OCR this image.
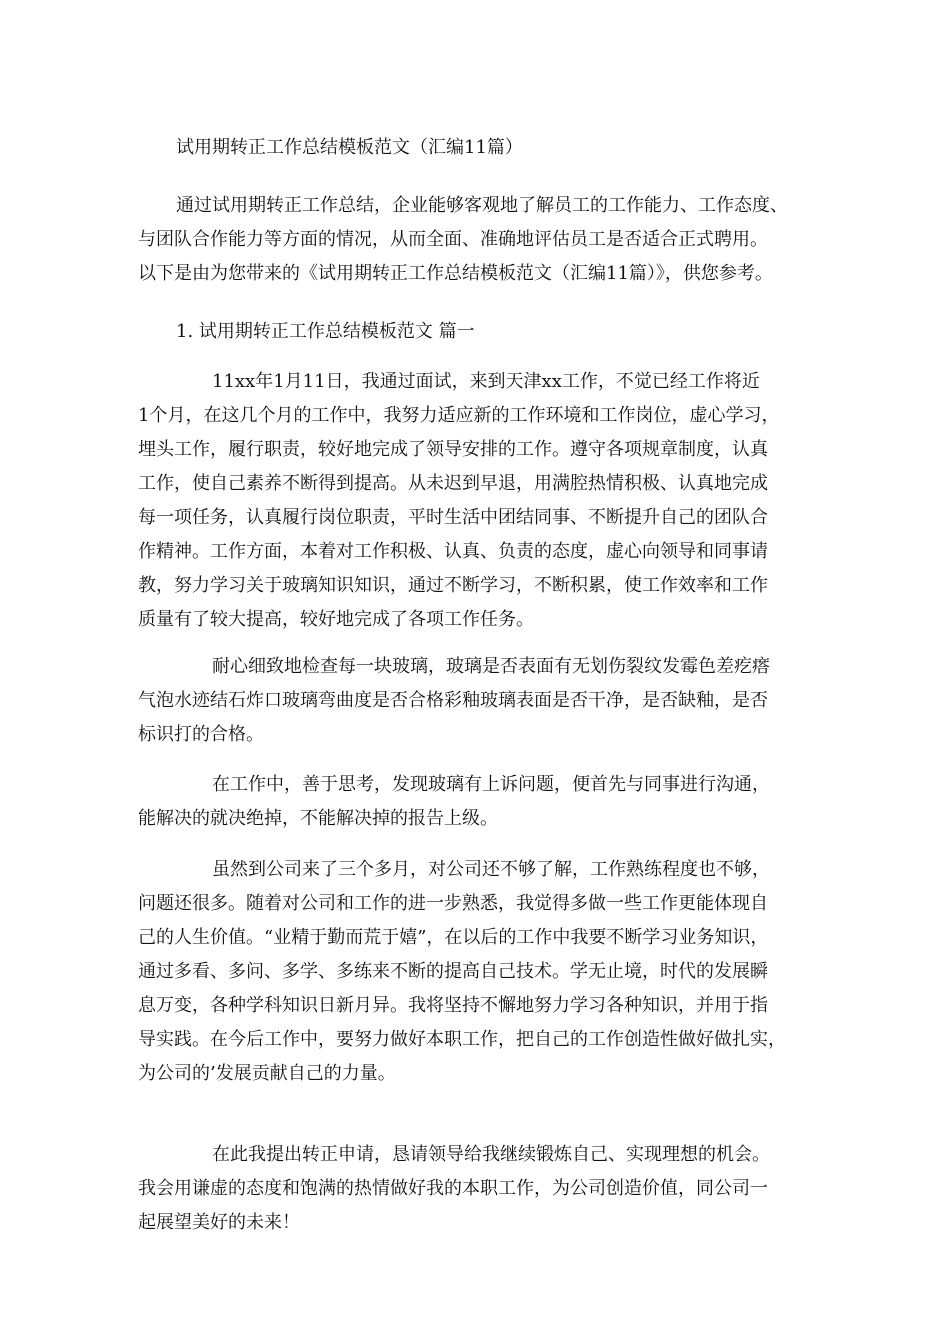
试用期转正工作总结模板范文（汇编11篇）
通过试用期转正工作总结，企业能够客观地了解员工的工作能力、工作态度、
与团队合作能力等方面的情况，从而全面、准确地评估员工是否适合正式聘用。
以下是由为您带来的《试用期转正工作总结模板范文（汇编11篇）》，供您参考。
1. 试用期转正工作总结模板范文 篇一
11xx年1月11日，我通过面试，来到天津xx工作，不觉已经工作将近
1个月，在这几个月的工作中，我努力适应新的工作环境和工作岗位，虚心学习，
埋头工作，履行职责，较好地完成了领导安排的工作。遵守各项规章制度，认真
工作，使自己素养不断得到提高。从未迟到早退，用满腔热情积极、认真地完成
每一项任务，认真履行岗位职责，平时生活中团结同事、不断提升自己的团队合
作精神。工作方面，本着对工作积极、认真、负责的态度，虚心向领导和同事请
教，努力学习关于玻璃知识知识，通过不断学习，不断积累，使工作效率和工作
质量有了较大提高，较好地完成了各项工作任务。
耐心细致地检查每一块玻璃，玻璃是否表面有无划伤裂纹发霉色差疙瘩
气泡水迹结石炸口玻璃弯曲度是否合格彩釉玻璃表面是否干净，是否缺釉，是否
标识打的合格。
在工作中，善于思考，发现玻璃有上诉问题，便首先与同事进行沟通，
能解决的就决绝掉，不能解决掉的报告上级。
虽然到公司来了三个多月，对公司还不够了解，工作熟练程度也不够，
问题还很多。随着对公司和工作的进一步熟悉，我觉得多做一些工作更能体现自
己的人生价值。“业精于勤而荒于嬉”，在以后的工作中我要不断学习业务知识，
通过多看、多问、多学、多练来不断的提高自己技术。学无止境，时代的发展瞬
息万变，各种学科知识日新月异。我将坚持不懈地努力学习各种知识，并用于指
导实践。在今后工作中，要努力做好本职工作，把自己的工作创造性做好做扎实，
为公司的’发展贡献自己的力量。
在此我提出转正申请，恳请领导给我继续锻炼自己、实现理想的机会。
我会用谦虚的态度和饱满的热情做好我的本职工作，为公司创造价值，同公司一
起展望美好的未来！
